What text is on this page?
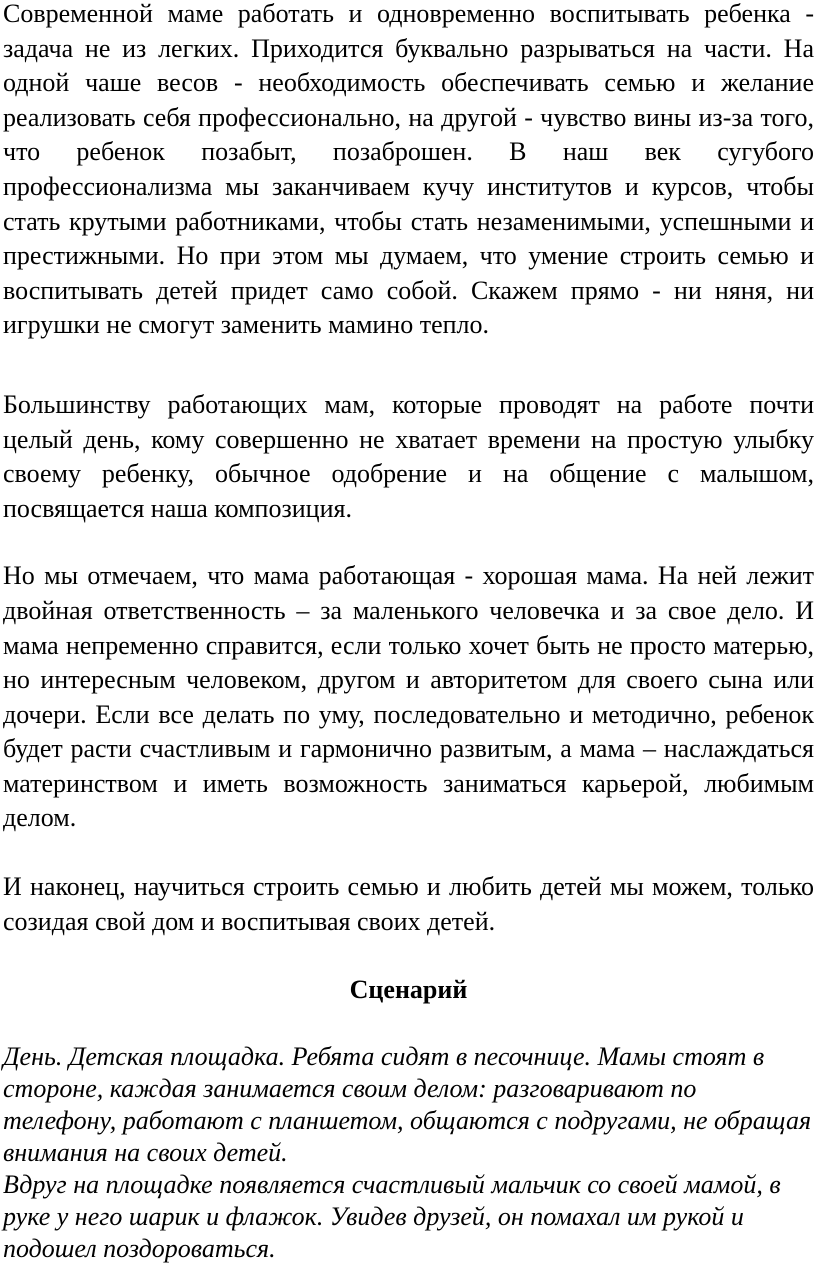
Современной маме работать и одновременно воспитывать ребенка - задача не из легких. Приходится буквально разрываться на части. На одной чаше весов - необходимость обеспечивать семью и желание реализовать себя профессионально, на другой - чувство вины из-за того, что ребенок позабыт, позаброшен. В наш век сугубого профессионализма мы заканчиваем кучу институтов и курсов, чтобы стать крутыми работниками, чтобы стать незаменимыми, успешными и престижными. Но при этом мы думаем, что умение строить семью и воспитывать детей придет само собой. Скажем прямо - ни няня, ни игрушки не смогут заменить мамино тепло.

Большинству работающих мам, которые проводят на работе почти целый день, кому совершенно не хватает времени на простую улыбку своему ребенку, обычное одобрение и на общение с малышом, посвящается наша композиция.

Но мы отмечаем, что мама работающая - хорошая мама. На ней лежит двойная ответственность – за маленького человечка и за свое дело. И мама непременно справится, если только хочет быть не просто матерью, но интересным человеком, другом и авторитетом для своего сына или дочери. Если все делать по уму, последовательно и методично, ребенок будет расти счастливым и гармонично развитым, а мама – наслаждаться материнством и иметь возможность заниматься карьерой, любимым делом.

И наконец, научиться строить семью и любить детей мы можем, только созидая свой дом и воспитывая своих детей.

Сценарий

День. Детская площадка. Ребята сидят в песочнице. Мамы стоят в стороне, каждая занимается своим делом: разговаривают по телефону, работают с планшетом, общаются с подругами, не обращая внимания на своих детей.

Вдруг на площадке появляется счастливый мальчик со своей мамой, в руке у него шарик и флажок. Увидев друзей, он помахал им рукой и подошел поздороваться.
